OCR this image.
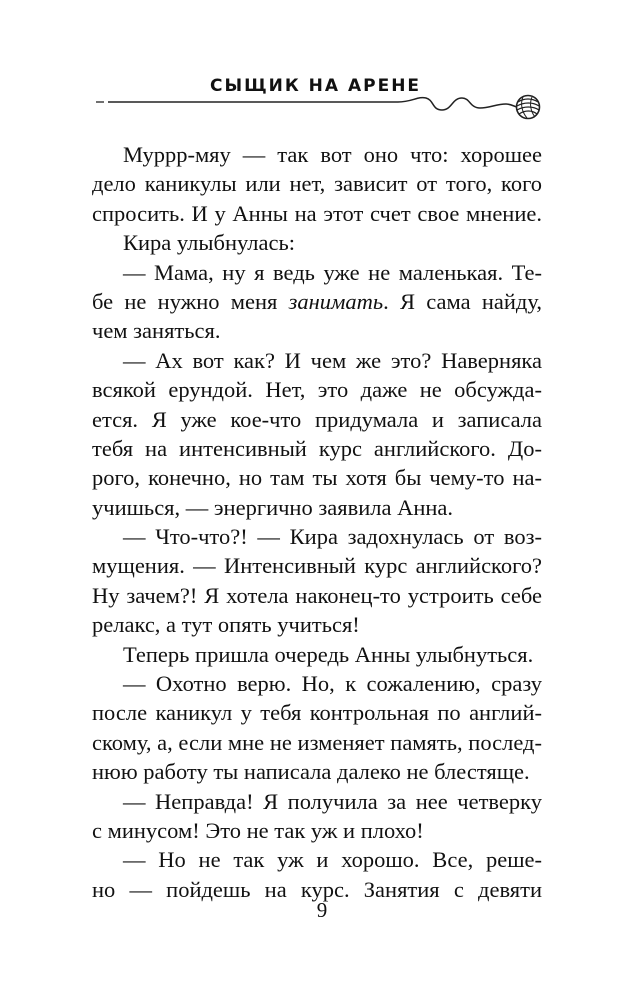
СЫЩИК НА АРЕНЕ
Муррр-мяу — так вот оно что: хорошее
дело каникулы или нет, зависит от того, кого
спросить. И у Анны на этот счет свое мнение.
Кира улыбнулась:
— Мама, ну я ведь уже не маленькая. Те-
бе не нужно меня занимать. Я сама найду,
чем заняться.
— Ах вот как? И чем же это? Наверняка
всякой ерундой. Нет, это даже не обсужда-
ется. Я уже кое-что придумала и записала
тебя на интенсивный курс английского. До-
рого, конечно, но там ты хотя бы чему-то на-
учишься, — энергично заявила Анна.
— Что-что?! — Кира задохнулась от воз-
мущения. — Интенсивный курс английского?
Ну зачем?! Я хотела наконец-то устроить себе
релакс, а тут опять учиться!
Теперь пришла очередь Анны улыбнуться.
— Охотно верю. Но, к сожалению, сразу
после каникул у тебя контрольная по англий-
скому, а, если мне не изменяет память, послед-
нюю работу ты написала далеко не блестяще.
— Неправда! Я получила за нее четверку
с минусом! Это не так уж и плохо!
— Но не так уж и хорошо. Все, реше-
но — пойдешь на курс. Занятия с девяти
9
